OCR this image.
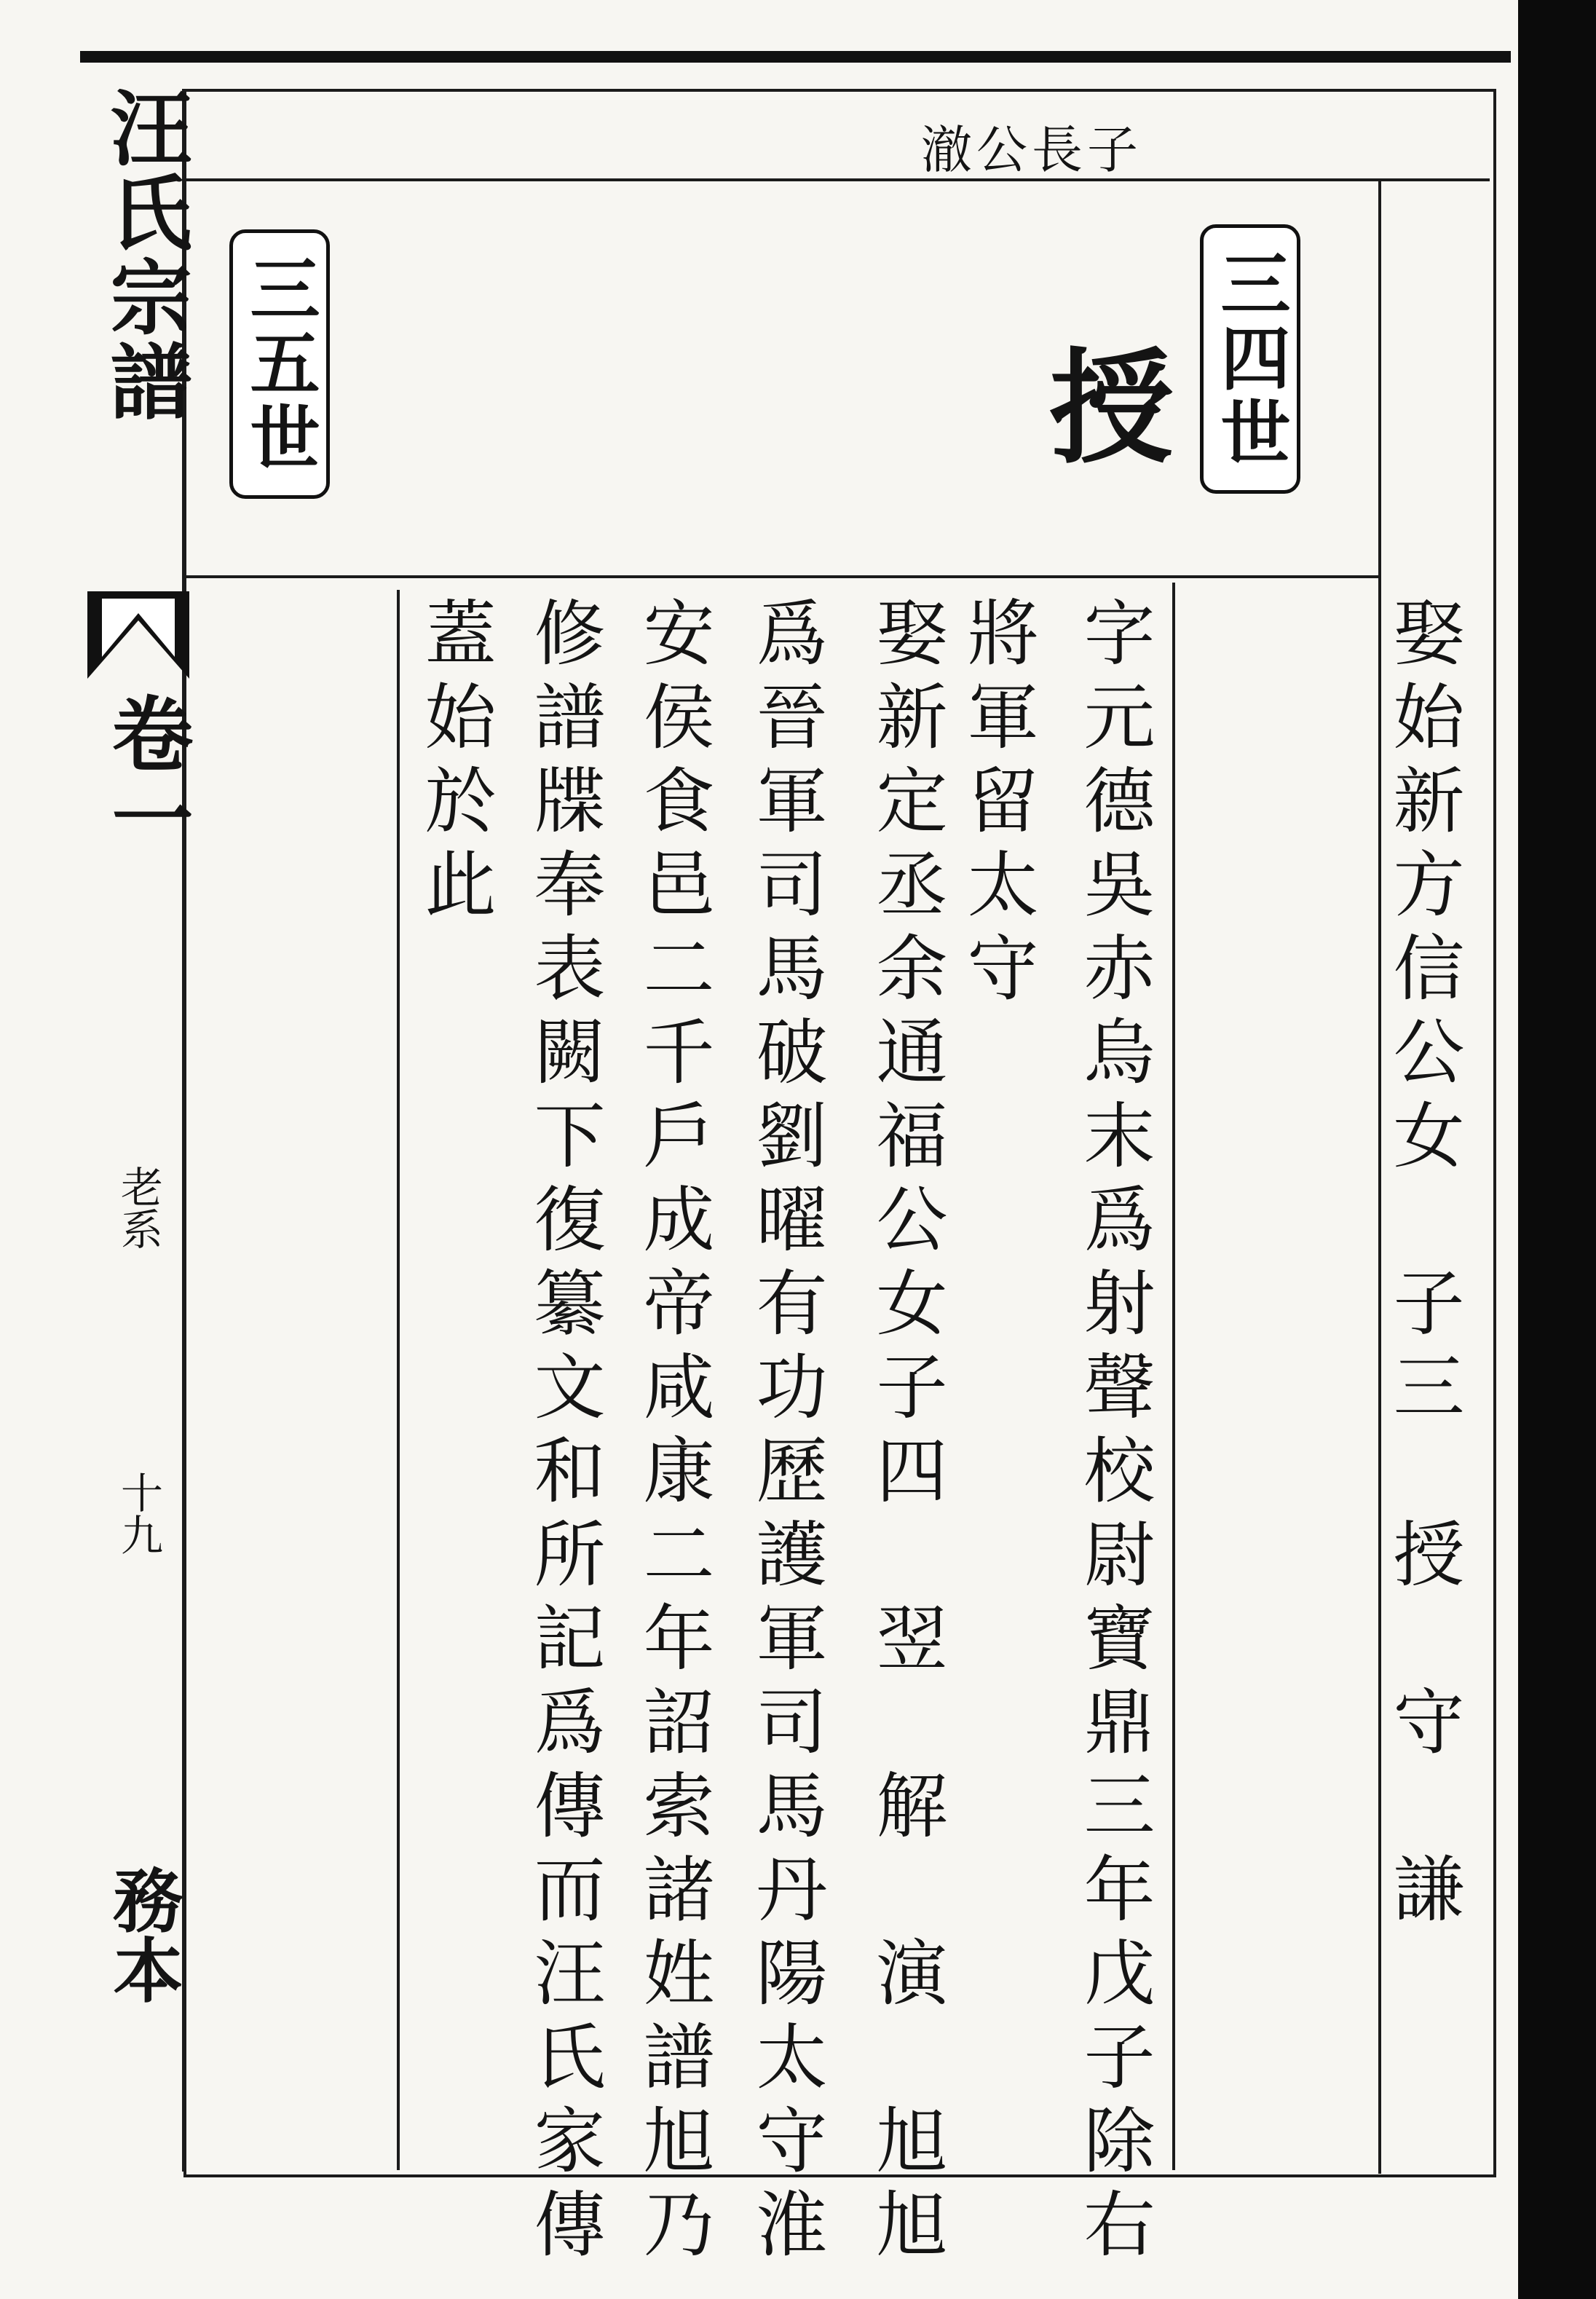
澈公長子
三四世
三五世	授
娶始新方信公女　子三　授　守　謙
字元德吳赤烏末爲射聲校尉寶鼎三年戊子除右
將軍留太守
娶新定丞余通福公女子四　翌　解　演　旭旭
爲晉軍司馬破劉曜有功歷護軍司馬丹陽太守淮
安侯食邑二千戶成帝咸康二年詔索諸姓譜旭乃
修譜牒奉表闕下復纂文和所記爲傳而汪氏家傳
蓋始於此
汪氏宗譜
卷一
老系
十九
務本
